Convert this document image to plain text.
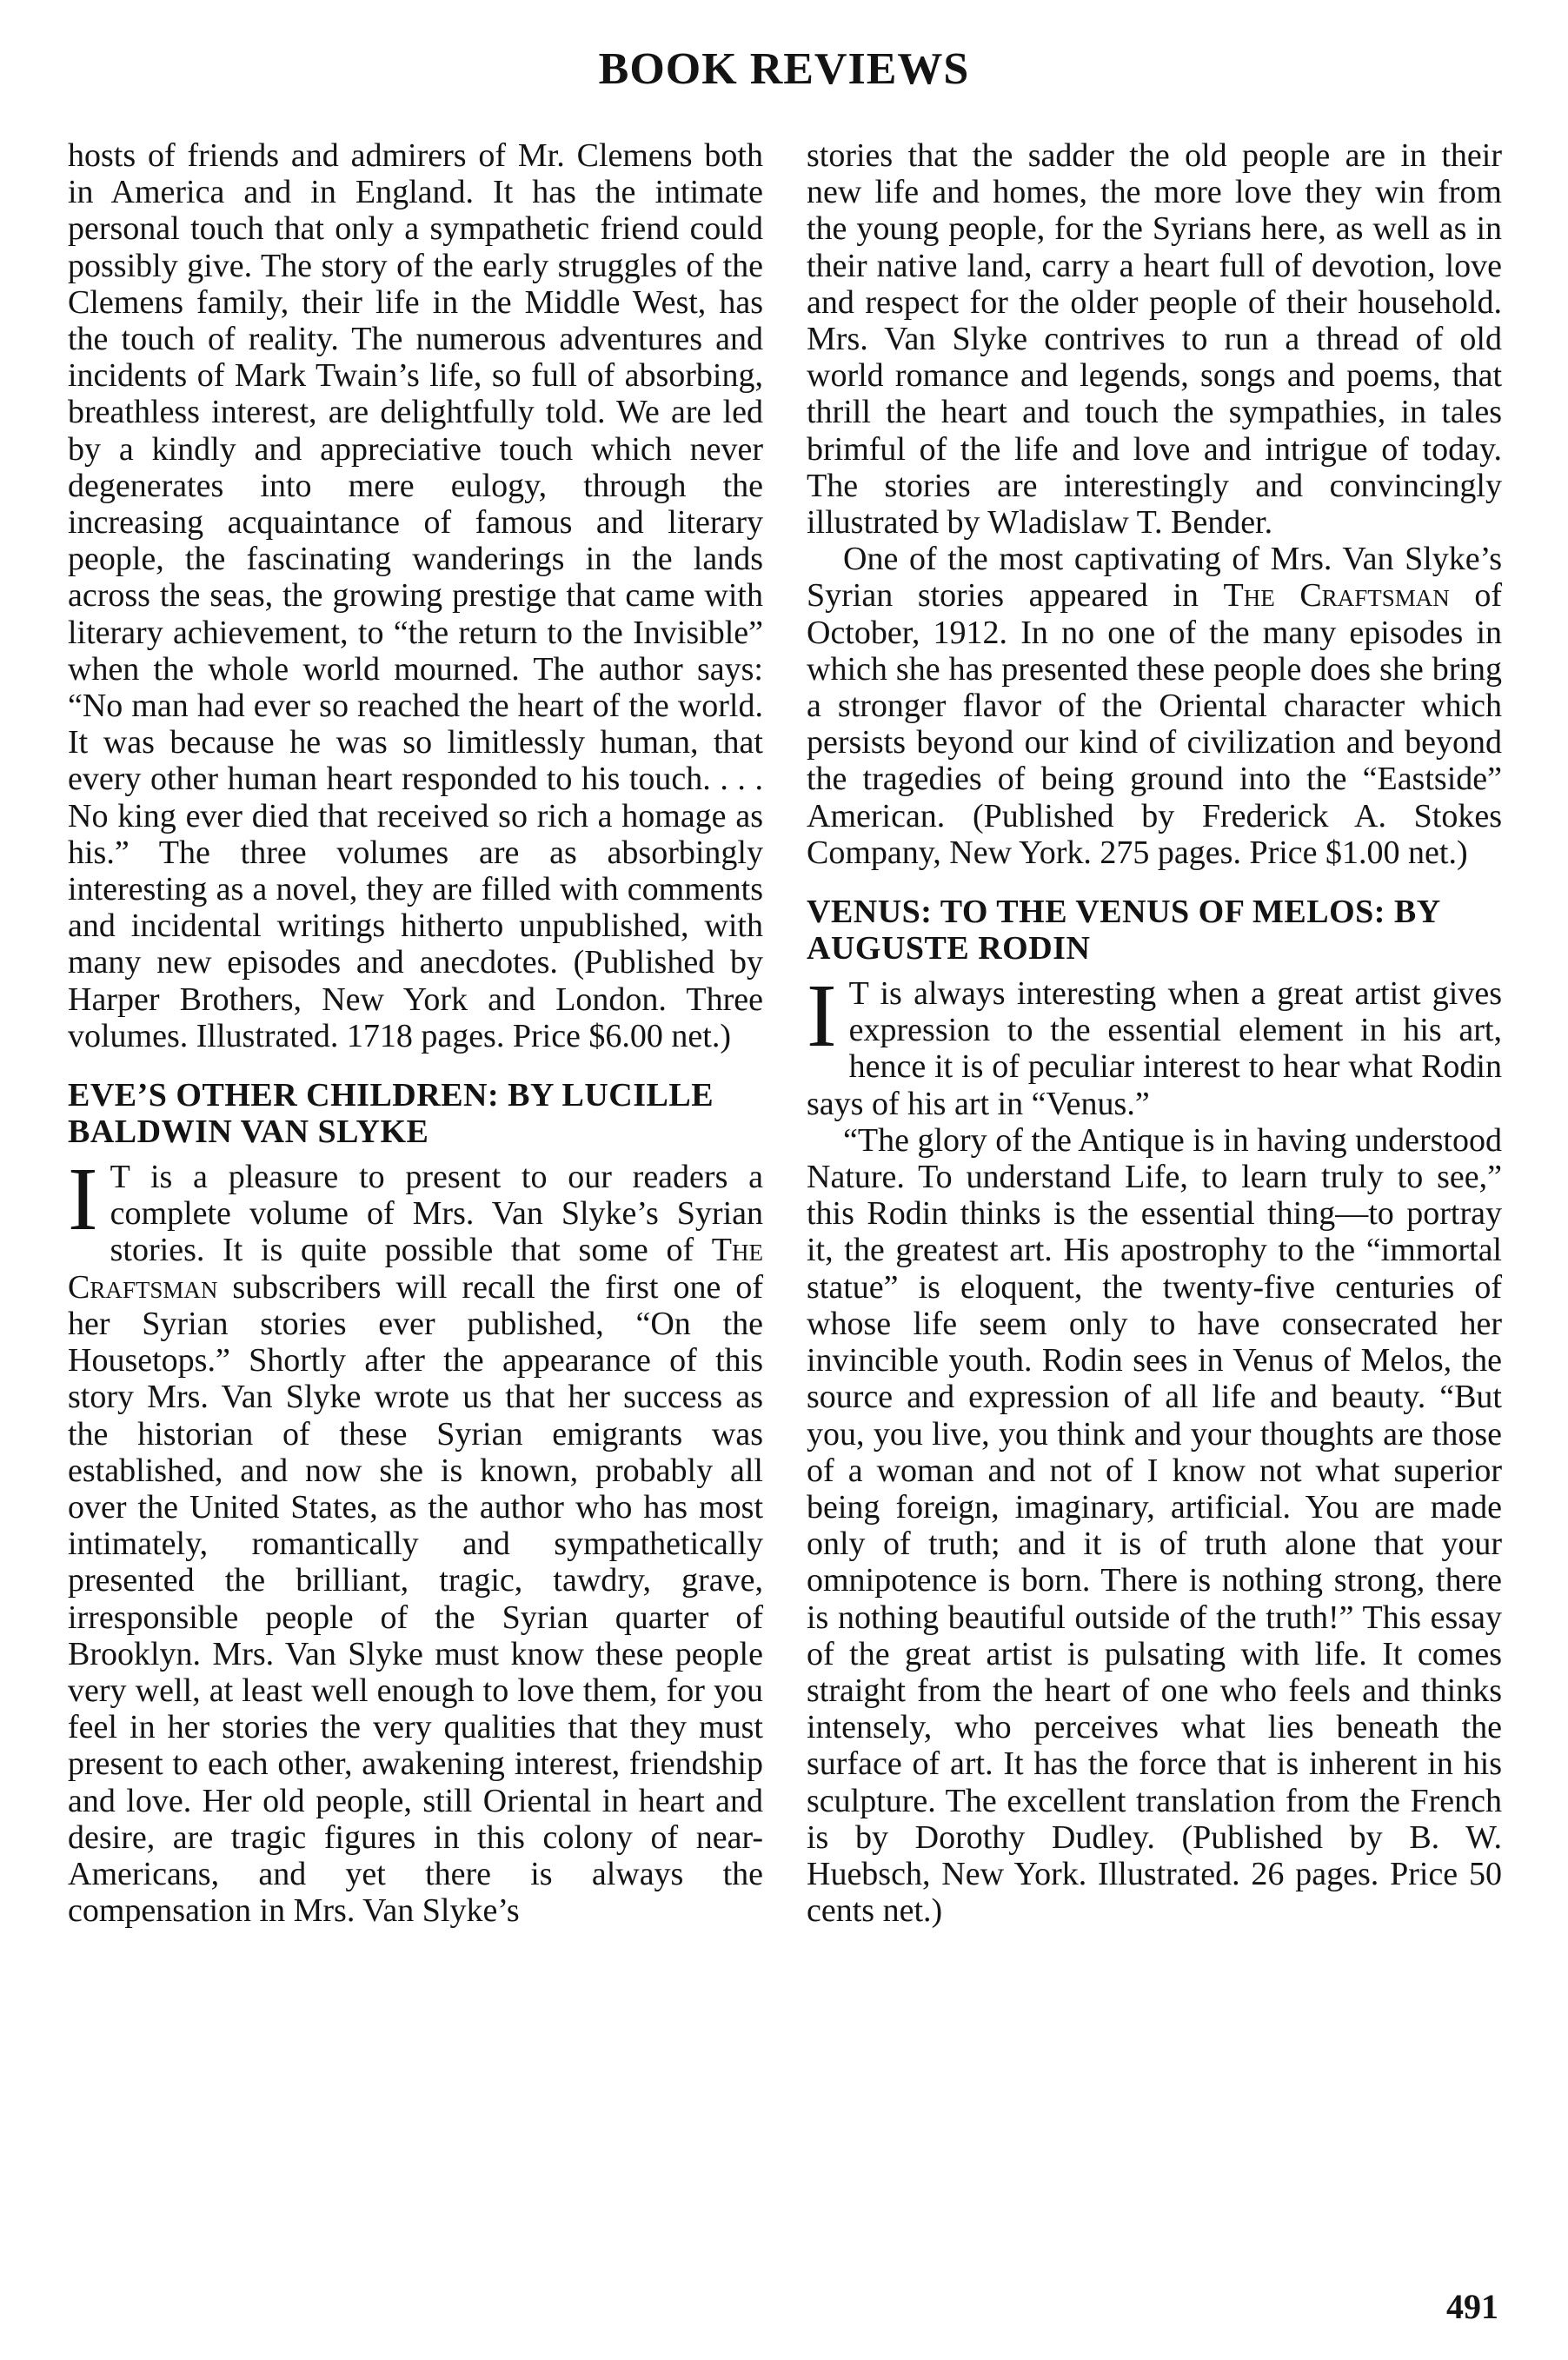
BOOK REVIEWS

hosts of friends and admirers of Mr. Clemens both in America and in England. It has the intimate personal touch that only a sympathetic friend could possibly give. The story of the early struggles of the Clemens family, their life in the Middle West, has the touch of reality. The numerous adventures and incidents of Mark Twain’s life, so full of absorbing, breathless interest, are delightfully told. We are led by a kindly and appreciative touch which never degenerates into mere eulogy, through the increasing acquaintance of famous and literary people, the fascinating wanderings in the lands across the seas, the growing prestige that came with literary achievement, to “the return to the Invisible” when the whole world mourned. The author says: “No man had ever so reached the heart of the world. It was because he was so limitlessly human, that every other human heart responded to his touch. . . . No king ever died that received so rich a homage as his.” The three volumes are as absorbingly interesting as a novel, they are filled with comments and incidental writings hitherto unpublished, with many new episodes and anecdotes. (Published by Harper Brothers, New York and London. Three volumes. Illustrated. 1718 pages. Price $6.00 net.)

EVE’S OTHER CHILDREN: BY LUCILLE BALDWIN VAN SLYKE

I T is a pleasure to present to our readers a complete volume of Mrs. Van Slyke’s Syrian stories. It is quite possible that some of The Craftsman subscribers will recall the first one of her Syrian stories ever published, “On the Housetops.” Shortly after the appearance of this story Mrs. Van Slyke wrote us that her success as the historian of these Syrian emigrants was established, and now she is known, probably all over the United States, as the author who has most intimately, romantically and sympathetically presented the brilliant, tragic, tawdry, grave, irresponsible people of the Syrian quarter of Brooklyn. Mrs. Van Slyke must know these people very well, at least well enough to love them, for you feel in her stories the very qualities that they must present to each other, awakening interest, friendship and love. Her old people, still Oriental in heart and desire, are tragic figures in this colony of near-Americans, and yet there is always the compensation in Mrs. Van Slyke’s

stories that the sadder the old people are in their new life and homes, the more love they win from the young people, for the Syrians here, as well as in their native land, carry a heart full of devotion, love and respect for the older people of their household. Mrs. Van Slyke contrives to run a thread of old world romance and legends, songs and poems, that thrill the heart and touch the sympathies, in tales brimful of the life and love and intrigue of today. The stories are interestingly and convincingly illustrated by Wladislaw T. Bender.

One of the most captivating of Mrs. Van Slyke’s Syrian stories appeared in The Craftsman of October, 1912. In no one of the many episodes in which she has presented these people does she bring a stronger flavor of the Oriental character which persists beyond our kind of civilization and beyond the tragedies of being ground into the “Eastside” American. (Published by Frederick A. Stokes Company, New York. 275 pages. Price $1.00 net.)

VENUS: TO THE VENUS OF MELOS: BY AUGUSTE RODIN

I T is always interesting when a great artist gives expression to the essential element in his art, hence it is of peculiar interest to hear what Rodin says of his art in “Venus.”

“The glory of the Antique is in having understood Nature. To understand Life, to learn truly to see,” this Rodin thinks is the essential thing—to portray it, the greatest art. His apostrophy to the “immortal statue” is eloquent, the twenty-five centuries of whose life seem only to have consecrated her invincible youth. Rodin sees in Venus of Melos, the source and expression of all life and beauty. “But you, you live, you think and your thoughts are those of a woman and not of I know not what superior being foreign, imaginary, artificial. You are made only of truth; and it is of truth alone that your omnipotence is born. There is nothing strong, there is nothing beautiful outside of the truth!” This essay of the great artist is pulsating with life. It comes straight from the heart of one who feels and thinks intensely, who perceives what lies beneath the surface of art. It has the force that is inherent in his sculpture. The excellent translation from the French is by Dorothy Dudley. (Published by B. W. Huebsch, New York. Illustrated. 26 pages. Price 50 cents net.)

491
